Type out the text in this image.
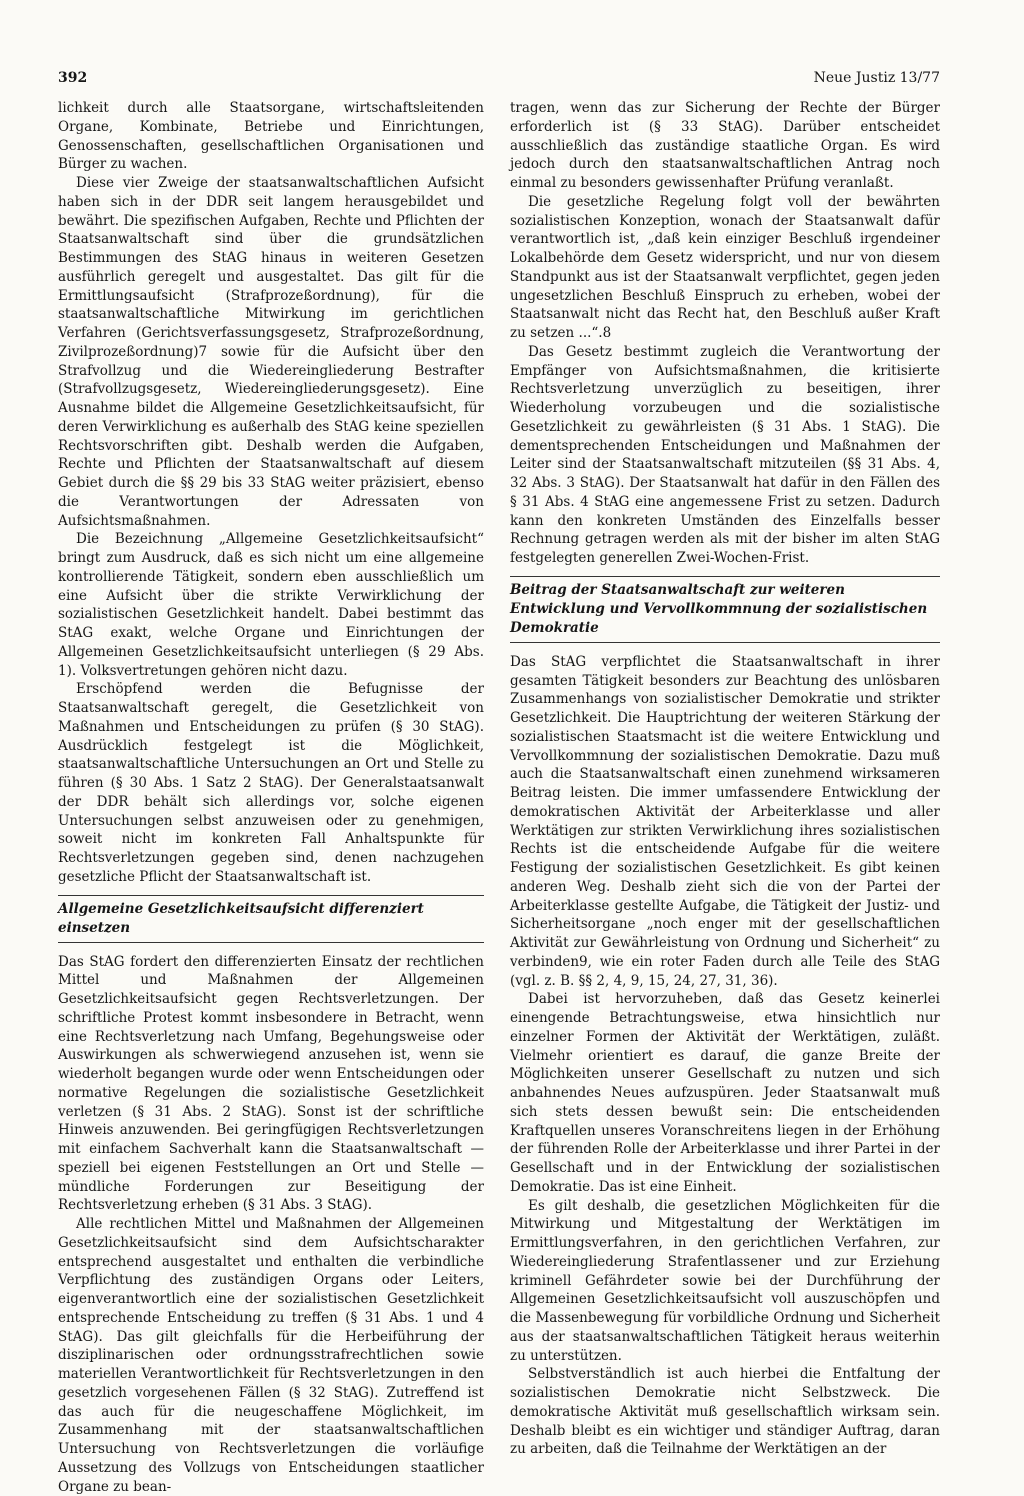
392	Neue Justiz 13/77

lichkeit durch alle Staatsorgane, wirtschaftsleitenden Organe, Kombinate, Betriebe und Einrichtungen, Genossenschaften, gesellschaftlichen Organisationen und Bürger zu wachen.

Diese vier Zweige der staatsanwaltschaftlichen Aufsicht haben sich in der DDR seit langem herausgebildet und bewährt. Die spezifischen Aufgaben, Rechte und Pflichten der Staatsanwaltschaft sind über die grundsätzlichen Bestimmungen des StAG hinaus in weiteren Gesetzen ausführlich geregelt und ausgestaltet. Das gilt für die Ermittlungsaufsicht (Strafprozeßordnung), für die staatsanwaltschaftliche Mitwirkung im gerichtlichen Verfahren (Gerichtsverfassungsgesetz, Strafprozeßordnung, Zivilprozeßordnung)7 sowie für die Aufsicht über den Strafvollzug und die Wiedereingliederung Bestrafter (Strafvollzugsgesetz, Wiedereingliederungsgesetz). Eine Ausnahme bildet die Allgemeine Gesetzlichkeitsaufsicht, für deren Verwirklichung es außerhalb des StAG keine speziellen Rechtsvorschriften gibt. Deshalb werden die Aufgaben, Rechte und Pflichten der Staatsanwaltschaft auf diesem Gebiet durch die §§ 29 bis 33 StAG weiter präzisiert, ebenso die Verantwortungen der Adressaten von Aufsichtsmaßnahmen.

Die Bezeichnung „Allgemeine Gesetzlichkeitsaufsicht“ bringt zum Ausdruck, daß es sich nicht um eine allgemeine kontrollierende Tätigkeit, sondern eben ausschließlich um eine Aufsicht über die strikte Verwirklichung der sozialistischen Gesetzlichkeit handelt. Dabei bestimmt das StAG exakt, welche Organe und Einrichtungen der Allgemeinen Gesetzlichkeitsaufsicht unterliegen (§ 29 Abs. 1). Volksvertretungen gehören nicht dazu.

Erschöpfend werden die Befugnisse der Staatsanwaltschaft geregelt, die Gesetzlichkeit von Maßnahmen und Entscheidungen zu prüfen (§ 30 StAG). Ausdrücklich festgelegt ist die Möglichkeit, staatsanwaltschaftliche Untersuchungen an Ort und Stelle zu führen (§ 30 Abs. 1 Satz 2 StAG). Der Generalstaatsanwalt der DDR behält sich allerdings vor, solche eigenen Untersuchungen selbst anzuweisen oder zu genehmigen, soweit nicht im konkreten Fall Anhaltspunkte für Rechtsverletzungen gegeben sind, denen nachzugehen gesetzliche Pflicht der Staatsanwaltschaft ist.

Allgemeine Gesetzlichkeitsaufsicht differenziert einsetzen

Das StAG fordert den differenzierten Einsatz der rechtlichen Mittel und Maßnahmen der Allgemeinen Gesetzlichkeitsaufsicht gegen Rechtsverletzungen. Der schriftliche Protest kommt insbesondere in Betracht, wenn eine Rechtsverletzung nach Umfang, Begehungsweise oder Auswirkungen als schwerwiegend anzusehen ist, wenn sie wiederholt begangen wurde oder wenn Entscheidungen oder normative Regelungen die sozialistische Gesetzlichkeit verletzen (§ 31 Abs. 2 StAG). Sonst ist der schriftliche Hinweis anzuwenden. Bei geringfügigen Rechtsverletzungen mit einfachem Sachverhalt kann die Staatsanwaltschaft — speziell bei eigenen Feststellungen an Ort und Stelle — mündliche Forderungen zur Beseitigung der Rechtsverletzung erheben (§ 31 Abs. 3 StAG).

Alle rechtlichen Mittel und Maßnahmen der Allgemeinen Gesetzlichkeitsaufsicht sind dem Aufsichtscharakter entsprechend ausgestaltet und enthalten die verbindliche Verpflichtung des zuständigen Organs oder Leiters, eigenverantwortlich eine der sozialistischen Gesetzlichkeit entsprechende Entscheidung zu treffen (§ 31 Abs. 1 und 4 StAG). Das gilt gleichfalls für die Herbeiführung der disziplinarischen oder ordnungsstrafrechtlichen sowie materiellen Verantwortlichkeit für Rechtsverletzungen in den gesetzlich vorgesehenen Fällen (§ 32 StAG). Zutreffend ist das auch für die neugeschaffene Möglichkeit, im Zusammenhang mit der staatsanwaltschaftlichen Untersuchung von Rechtsverletzungen die vorläufige Aussetzung des Vollzugs von Entscheidungen staatlicher Organe zu bean-

tragen, wenn das zur Sicherung der Rechte der Bürger erforderlich ist (§ 33 StAG). Darüber entscheidet ausschließlich das zuständige staatliche Organ. Es wird jedoch durch den staatsanwaltschaftlichen Antrag noch einmal zu besonders gewissenhafter Prüfung veranlaßt.

Die gesetzliche Regelung folgt voll der bewährten sozialistischen Konzeption, wonach der Staatsanwalt dafür verantwortlich ist, „daß kein einziger Beschluß irgendeiner Lokalbehörde dem Gesetz widerspricht, und nur von diesem Standpunkt aus ist der Staatsanwalt verpflichtet, gegen jeden ungesetzlichen Beschluß Einspruch zu erheben, wobei der Staatsanwalt nicht das Recht hat, den Beschluß außer Kraft zu setzen ...“.8

Das Gesetz bestimmt zugleich die Verantwortung der Empfänger von Aufsichtsmaßnahmen, die kritisierte Rechtsverletzung unverzüglich zu beseitigen, ihrer Wiederholung vorzubeugen und die sozialistische Gesetzlichkeit zu gewährleisten (§ 31 Abs. 1 StAG). Die dementsprechenden Entscheidungen und Maßnahmen der Leiter sind der Staatsanwaltschaft mitzuteilen (§§ 31 Abs. 4, 32 Abs. 3 StAG). Der Staatsanwalt hat dafür in den Fällen des § 31 Abs. 4 StAG eine angemessene Frist zu setzen. Dadurch kann den konkreten Umständen des Einzelfalls besser Rechnung getragen werden als mit der bisher im alten StAG festgelegten generellen Zwei-Wochen-Frist.

Beitrag der Staatsanwaltschaft zur weiteren Entwicklung und Vervollkommnung der sozialistischen Demokratie

Das StAG verpflichtet die Staatsanwaltschaft in ihrer gesamten Tätigkeit besonders zur Beachtung des unlösbaren Zusammenhangs von sozialistischer Demokratie und strikter Gesetzlichkeit. Die Hauptrichtung der weiteren Stärkung der sozialistischen Staatsmacht ist die weitere Entwicklung und Vervollkommnung der sozialistischen Demokratie. Dazu muß auch die Staatsanwaltschaft einen zunehmend wirksameren Beitrag leisten. Die immer umfassendere Entwicklung der demokratischen Aktivität der Arbeiterklasse und aller Werktätigen zur strikten Verwirklichung ihres sozialistischen Rechts ist die entscheidende Aufgabe für die weitere Festigung der sozialistischen Gesetzlichkeit. Es gibt keinen anderen Weg. Deshalb zieht sich die von der Partei der Arbeiterklasse gestellte Aufgabe, die Tätigkeit der Justiz- und Sicherheitsorgane „noch enger mit der gesellschaftlichen Aktivität zur Gewährleistung von Ordnung und Sicherheit“ zu verbinden9, wie ein roter Faden durch alle Teile des StAG (vgl. z. B. §§ 2, 4, 9, 15, 24, 27, 31, 36).

Dabei ist hervorzuheben, daß das Gesetz keinerlei einengende Betrachtungsweise, etwa hinsichtlich nur einzelner Formen der Aktivität der Werktätigen, zuläßt. Vielmehr orientiert es darauf, die ganze Breite der Möglichkeiten unserer Gesellschaft zu nutzen und sich anbahnendes Neues aufzuspüren. Jeder Staatsanwalt muß sich stets dessen bewußt sein: Die entscheidenden Kraftquellen unseres Voranschreitens liegen in der Erhöhung der führenden Rolle der Arbeiterklasse und ihrer Partei in der Gesellschaft und in der Entwicklung der sozialistischen Demokratie. Das ist eine Einheit.

Es gilt deshalb, die gesetzlichen Möglichkeiten für die Mitwirkung und Mitgestaltung der Werktätigen im Ermittlungsverfahren, in den gerichtlichen Verfahren, zur Wiedereingliederung Strafentlassener und zur Erziehung kriminell Gefährdeter sowie bei der Durchführung der Allgemeinen Gesetzlichkeitsaufsicht voll auszuschöpfen und die Massenbewegung für vorbildliche Ordnung und Sicherheit aus der staatsanwaltschaftlichen Tätigkeit heraus weiterhin zu unterstützen.

Selbstverständlich ist auch hierbei die Entfaltung der sozialistischen Demokratie nicht Selbstzweck. Die demokratische Aktivität muß gesellschaftlich wirksam sein. Deshalb bleibt es ein wichtiger und ständiger Auftrag, daran zu arbeiten, daß die Teilnahme der Werktätigen an der
